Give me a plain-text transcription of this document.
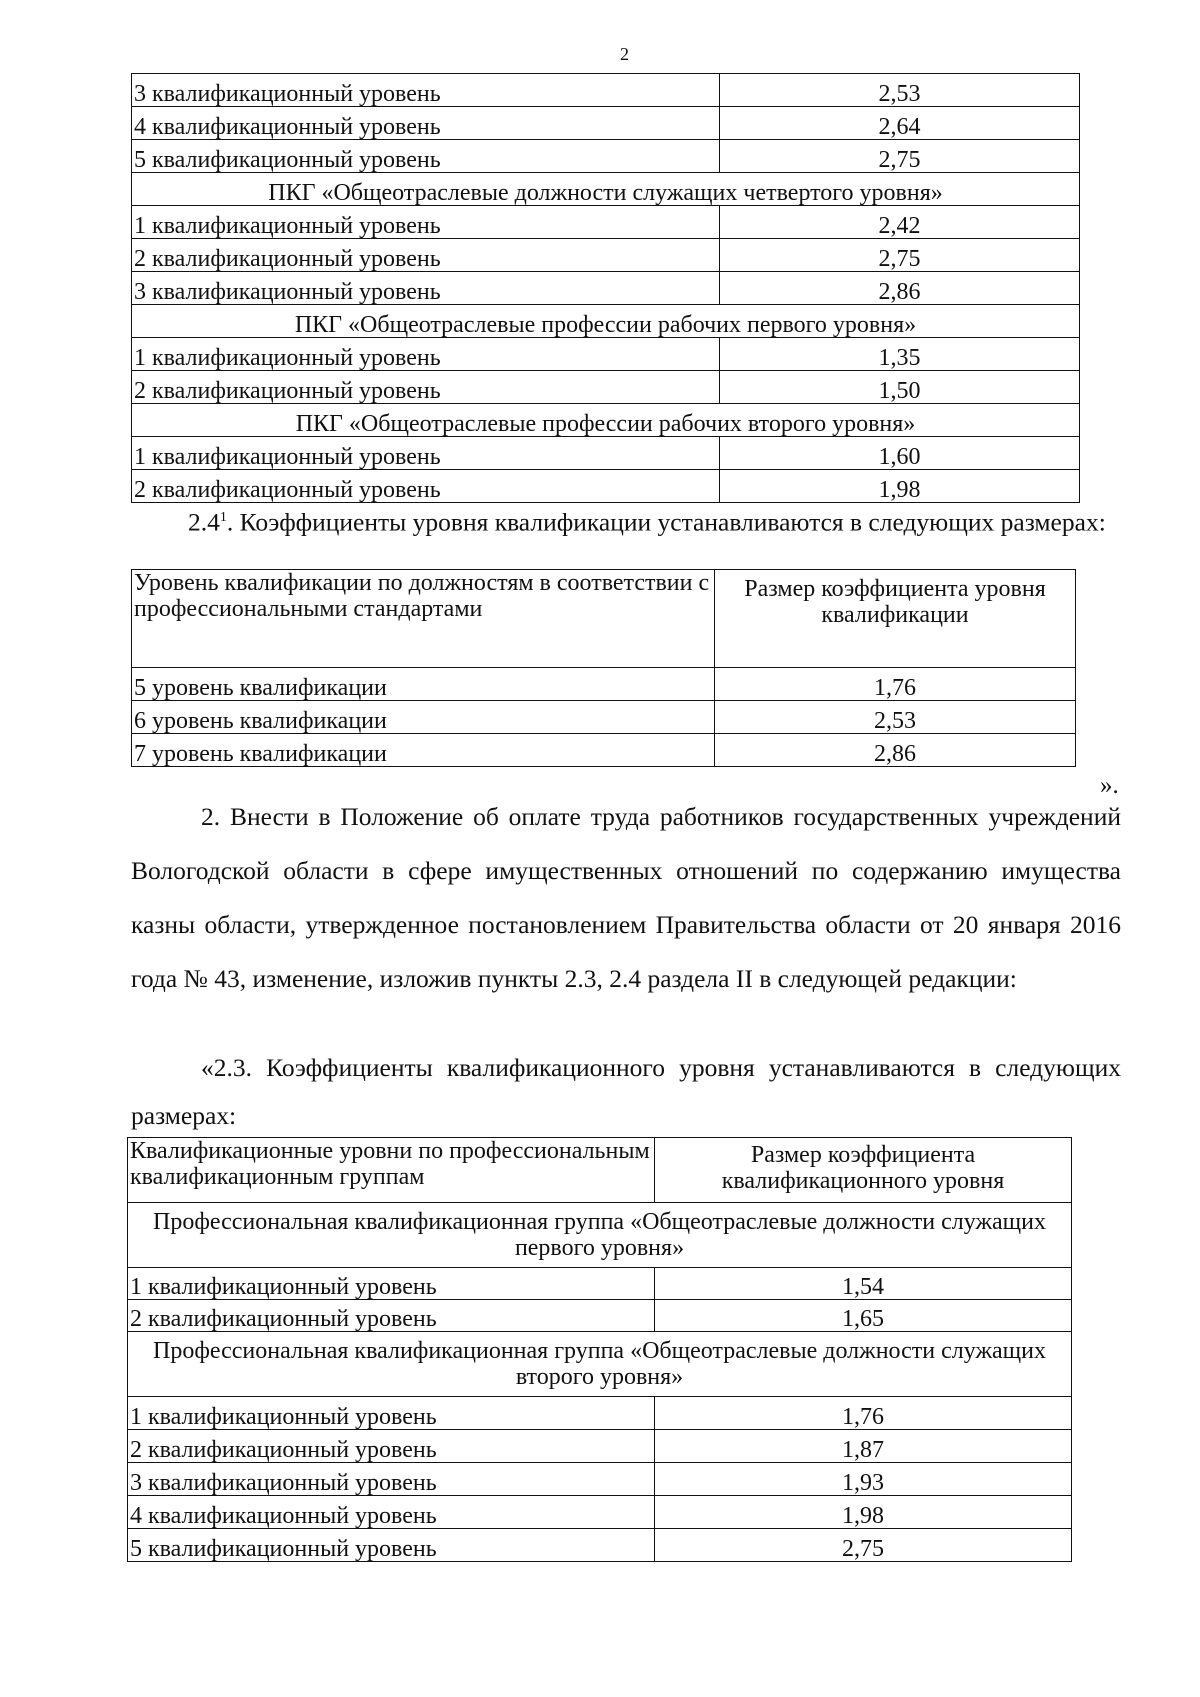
2
3 квалификационный уровень	2,53
4 квалификационный уровень	2,64
5 квалификационный уровень	2,75
ПКГ «Общеотраслевые должности служащих четвертого уровня»	
1 квалификационный уровень	2,42
2 квалификационный уровень	2,75
3 квалификационный уровень	2,86
ПКГ «Общеотраслевые профессии рабочих первого уровня»	
1 квалификационный уровень	1,35
2 квалификационный уровень	1,50
ПКГ «Общеотраслевые профессии рабочих второго уровня»	
1 квалификационный уровень	1,60
2 квалификационный уровень	1,98
$2.4^1$. Коэффициенты уровня квалификации устанавливаются в следующих размерах:
Уровень квалификации по должностям в соответствии с профессиональными стандартами	Размер коэффициента уровня квалификации
5 уровень квалификации	1,76
6 уровень квалификации	2,53
7 уровень квалификации	2,86
».
2. Внести в Положение об оплате труда работников государственных учреждений Вологодской области в сфере имущественных отношений по содержанию имущества казны области, утвержденное постановлением Правительства области от 20 января 2016 года № 43, изменение, изложив пункты 2.3, 2.4 раздела II в следующей редакции:
«2.3. Коэффициенты квалификационного уровня устанавливаются в следующих размерах:
Квалификационные уровни по профессиональным квалификационным группам	Размер коэффициента квалификационного уровня
Профессиональная квалификационная группа «Общеотраслевые должности служащих первого уровня»	
1 квалификационный уровень	1,54
2 квалификационный уровень	1,65
Профессиональная квалификационная группа «Общеотраслевые должности служащих второго уровня»	
1 квалификационный уровень	1,76
2 квалификационный уровень	1,87
3 квалификационный уровень	1,93
4 квалификационный уровень	1,98
5 квалификационный уровень	2,75
